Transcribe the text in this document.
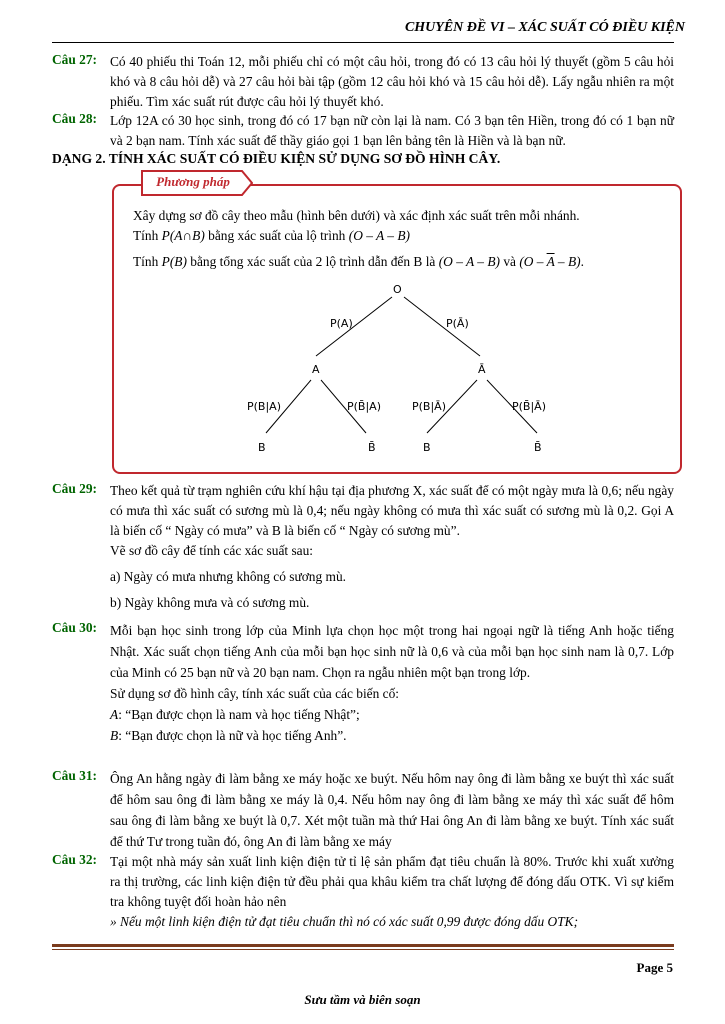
CHUYÊN ĐỀ VI – XÁC SUẤT CÓ ĐIỀU KIỆN
Câu 27: Có 40 phiếu thi Toán 12, mỗi phiếu chỉ có một câu hỏi, trong đó có 13 câu hỏi lý thuyết (gồm 5 câu hỏi khó và 8 câu hỏi dễ) và 27 câu hỏi bài tập (gồm 12 câu hỏi khó và 15 câu hỏi dễ). Lấy ngẫu nhiên ra một phiếu. Tìm xác suất rút được câu hỏi lý thuyết khó.
Câu 28: Lớp 12A có 30 học sinh, trong đó có 17 bạn nữ còn lại là nam. Có 3 bạn tên Hiền, trong đó có 1 bạn nữ và 2 bạn nam. Tính xác suất để thầy giáo gọi 1 bạn lên bảng tên là Hiền và là bạn nữ.
DẠNG 2. TÍNH XÁC SUẤT CÓ ĐIỀU KIỆN SỬ DỤNG SƠ ĐỒ HÌNH CÂY.
Phương pháp
Xây dựng sơ đồ cây theo mẫu (hình bên dưới) và xác định xác suất trên mỗi nhánh.
Tính P(A∩B) bằng xác suất của lộ trình (O – A – B)
Tính P(B) bằng tổng xác suất của 2 lộ trình dẫn đến B là (O – A – B) và $(O - \overline{A} - B)$.
O
P(A)	P(Ā)
A	Ā
P(B|A)	P(B̄|A)	P(B|Ā)	P(B̄|Ā)
B	B̄	B	B̄
Câu 29: Theo kết quả từ trạm nghiên cứu khí hậu tại địa phương X, xác suất để có một ngày mưa là 0,6; nếu ngày có mưa thì xác suất có sương mù là 0,4; nếu ngày không có mưa thì xác suất có sương mù là 0,2. Gọi A là biến cố “ Ngày có mưa” và B là biến cố “ Ngày có sương mù”.

Vẽ sơ đồ cây để tính các xác suất sau:

a) Ngày có mưa nhưng không có sương mù.

b) Ngày không mưa và có sương mù.

Câu 30: Mỗi bạn học sinh trong lớp của Minh lựa chọn học một trong hai ngoại ngữ là tiếng Anh hoặc tiếng Nhật. Xác suất chọn tiếng Anh của mỗi bạn học sinh nữ là 0,6 và của mỗi bạn học sinh nam là 0,7. Lớp của Minh có 25 bạn nữ và 20 bạn nam. Chọn ra ngẫu nhiên một bạn trong lớp.

Sử dụng sơ đồ hình cây, tính xác suất của các biến cố:

A: “Bạn được chọn là nam và học tiếng Nhật”;

B: “Bạn được chọn là nữ và học tiếng Anh”.

Câu 31: Ông An hằng ngày đi làm bằng xe máy hoặc xe buýt. Nếu hôm nay ông đi làm bằng xe buýt thì xác suất để hôm sau ông đi làm bằng xe máy là 0,4. Nếu hôm nay ông đi làm bằng xe máy thì xác suất để hôm sau ông đi làm bằng xe buýt là 0,7. Xét một tuần mà thứ Hai ông An đi làm bằng xe buýt. Tính xác suất để thứ Tư trong tuần đó, ông An đi làm bằng xe máy
Câu 32: Tại một nhà máy sản xuất linh kiện điện tử tỉ lệ sản phẩm đạt tiêu chuẩn là 80%. Trước khi xuất xưởng ra thị trường, các linh kiện điện tử đều phải qua khâu kiểm tra chất lượng để đóng dấu OTK. Vì sự kiểm tra không tuyệt đối hoàn hảo nên

» Nếu một linh kiện điện tử đạt tiêu chuẩn thì nó có xác suất 0,99 được đóng dấu OTK;

Page 5
Sưu tầm và biên soạn
